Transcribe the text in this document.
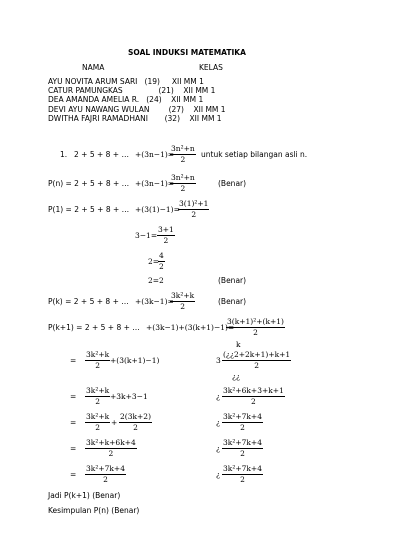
SOAL INDUKSI MATEMATIKA
NAMA	KELAS
AYU NOVITA ARUM SARI   (19)     XII MM 1
CATUR PAMUNGKAS               (21)    XII MM 1
DEA AMANDA AMELIA R.   (24)    XII MM 1
DEVI AYU NAWANG WULAN        (27)    XII MM 1
DWITHA FAJRI RAMADHANI       (32)    XII MM 1
1. 2 + 5 + 8 + … +(3n−1)=
$\frac{\text{3n²+n}}{2}$ untuk setiap bilangan asli n.
P(n) = 2 + 5 + 8 + … +(3n−1)=
$\frac{\text{3n²+n}}{2}$	(Benar)
P(1) = 2 + 5 + 8 + … +(3(1)−1)=
$\frac{\text{3(1)²+1}}{2}$
$3-1= \frac{3+1}{2}$
2=
$\frac{4}{2}$
2=2	(Benar)
P(k) = 2 + 5 + 8 + … +(3k−1)=
$\frac{\text{3k²+k}}{2}$	(Benar)
P(k+1) = 2 + 5 + 8 + … +(3k−1)+(3(k+1)−1)=
$\frac{\text{3(k+1)²+(k+1)}}{2}$
= $\frac{\text{3k²+k}}{2} +(3(k+1)-1)$
k
$3 \frac{(¿¿2+2k+1)+k+1}{2}$
¿¿
= $\frac{\text{3k²+k}}{2} +3k+3-1$	¿ $\frac{\text{3k²+6k+3+k+1}}{2}$
= $\frac{\text{3k²+k}}{2} + \frac{2(3k+2)}{2}$	¿ $\frac{\text{3k²+7k+4}}{2}$
= $\frac{\text{3k²+k+6k+4}}{2}$	¿ $\frac{\text{3k²+7k+4}}{2}$
= $\frac{\text{3k²+7k+4}}{2}$	¿ $\frac{\text{3k²+7k+4}}{2}$
Jadi P(k+1) (Benar)
Kesimpulan P(n) (Benar)
